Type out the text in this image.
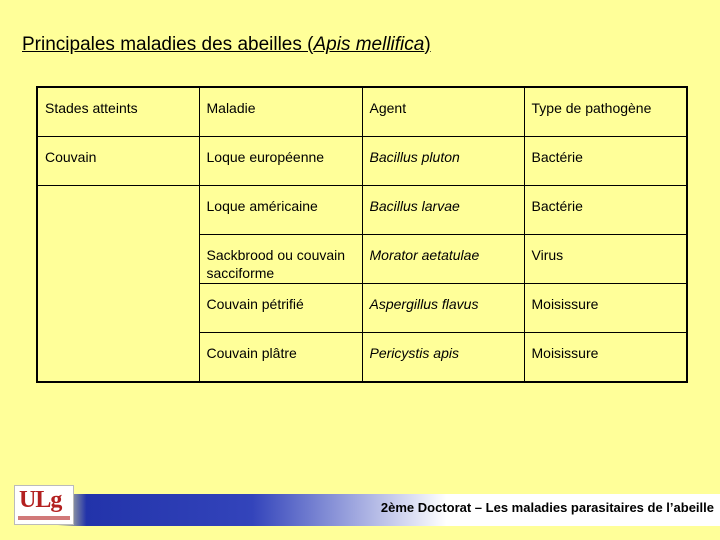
Principales maladies des abeilles (Apis mellifica)
Stades atteints	Maladie	Agent	Type de pathogène
Couvain	Loque européenne	Bacillus pluton	Bactérie
	Loque américaine	Bacillus larvae	Bactérie
	Sackbrood ou couvain sacciforme	Morator aetatulae	Virus
	Couvain pétrifié	Aspergillus flavus	Moisissure
	Couvain plâtre	Pericystis apis	Moisissure
ULg	2ème Doctorat – Les maladies parasitaires de l’abeille
